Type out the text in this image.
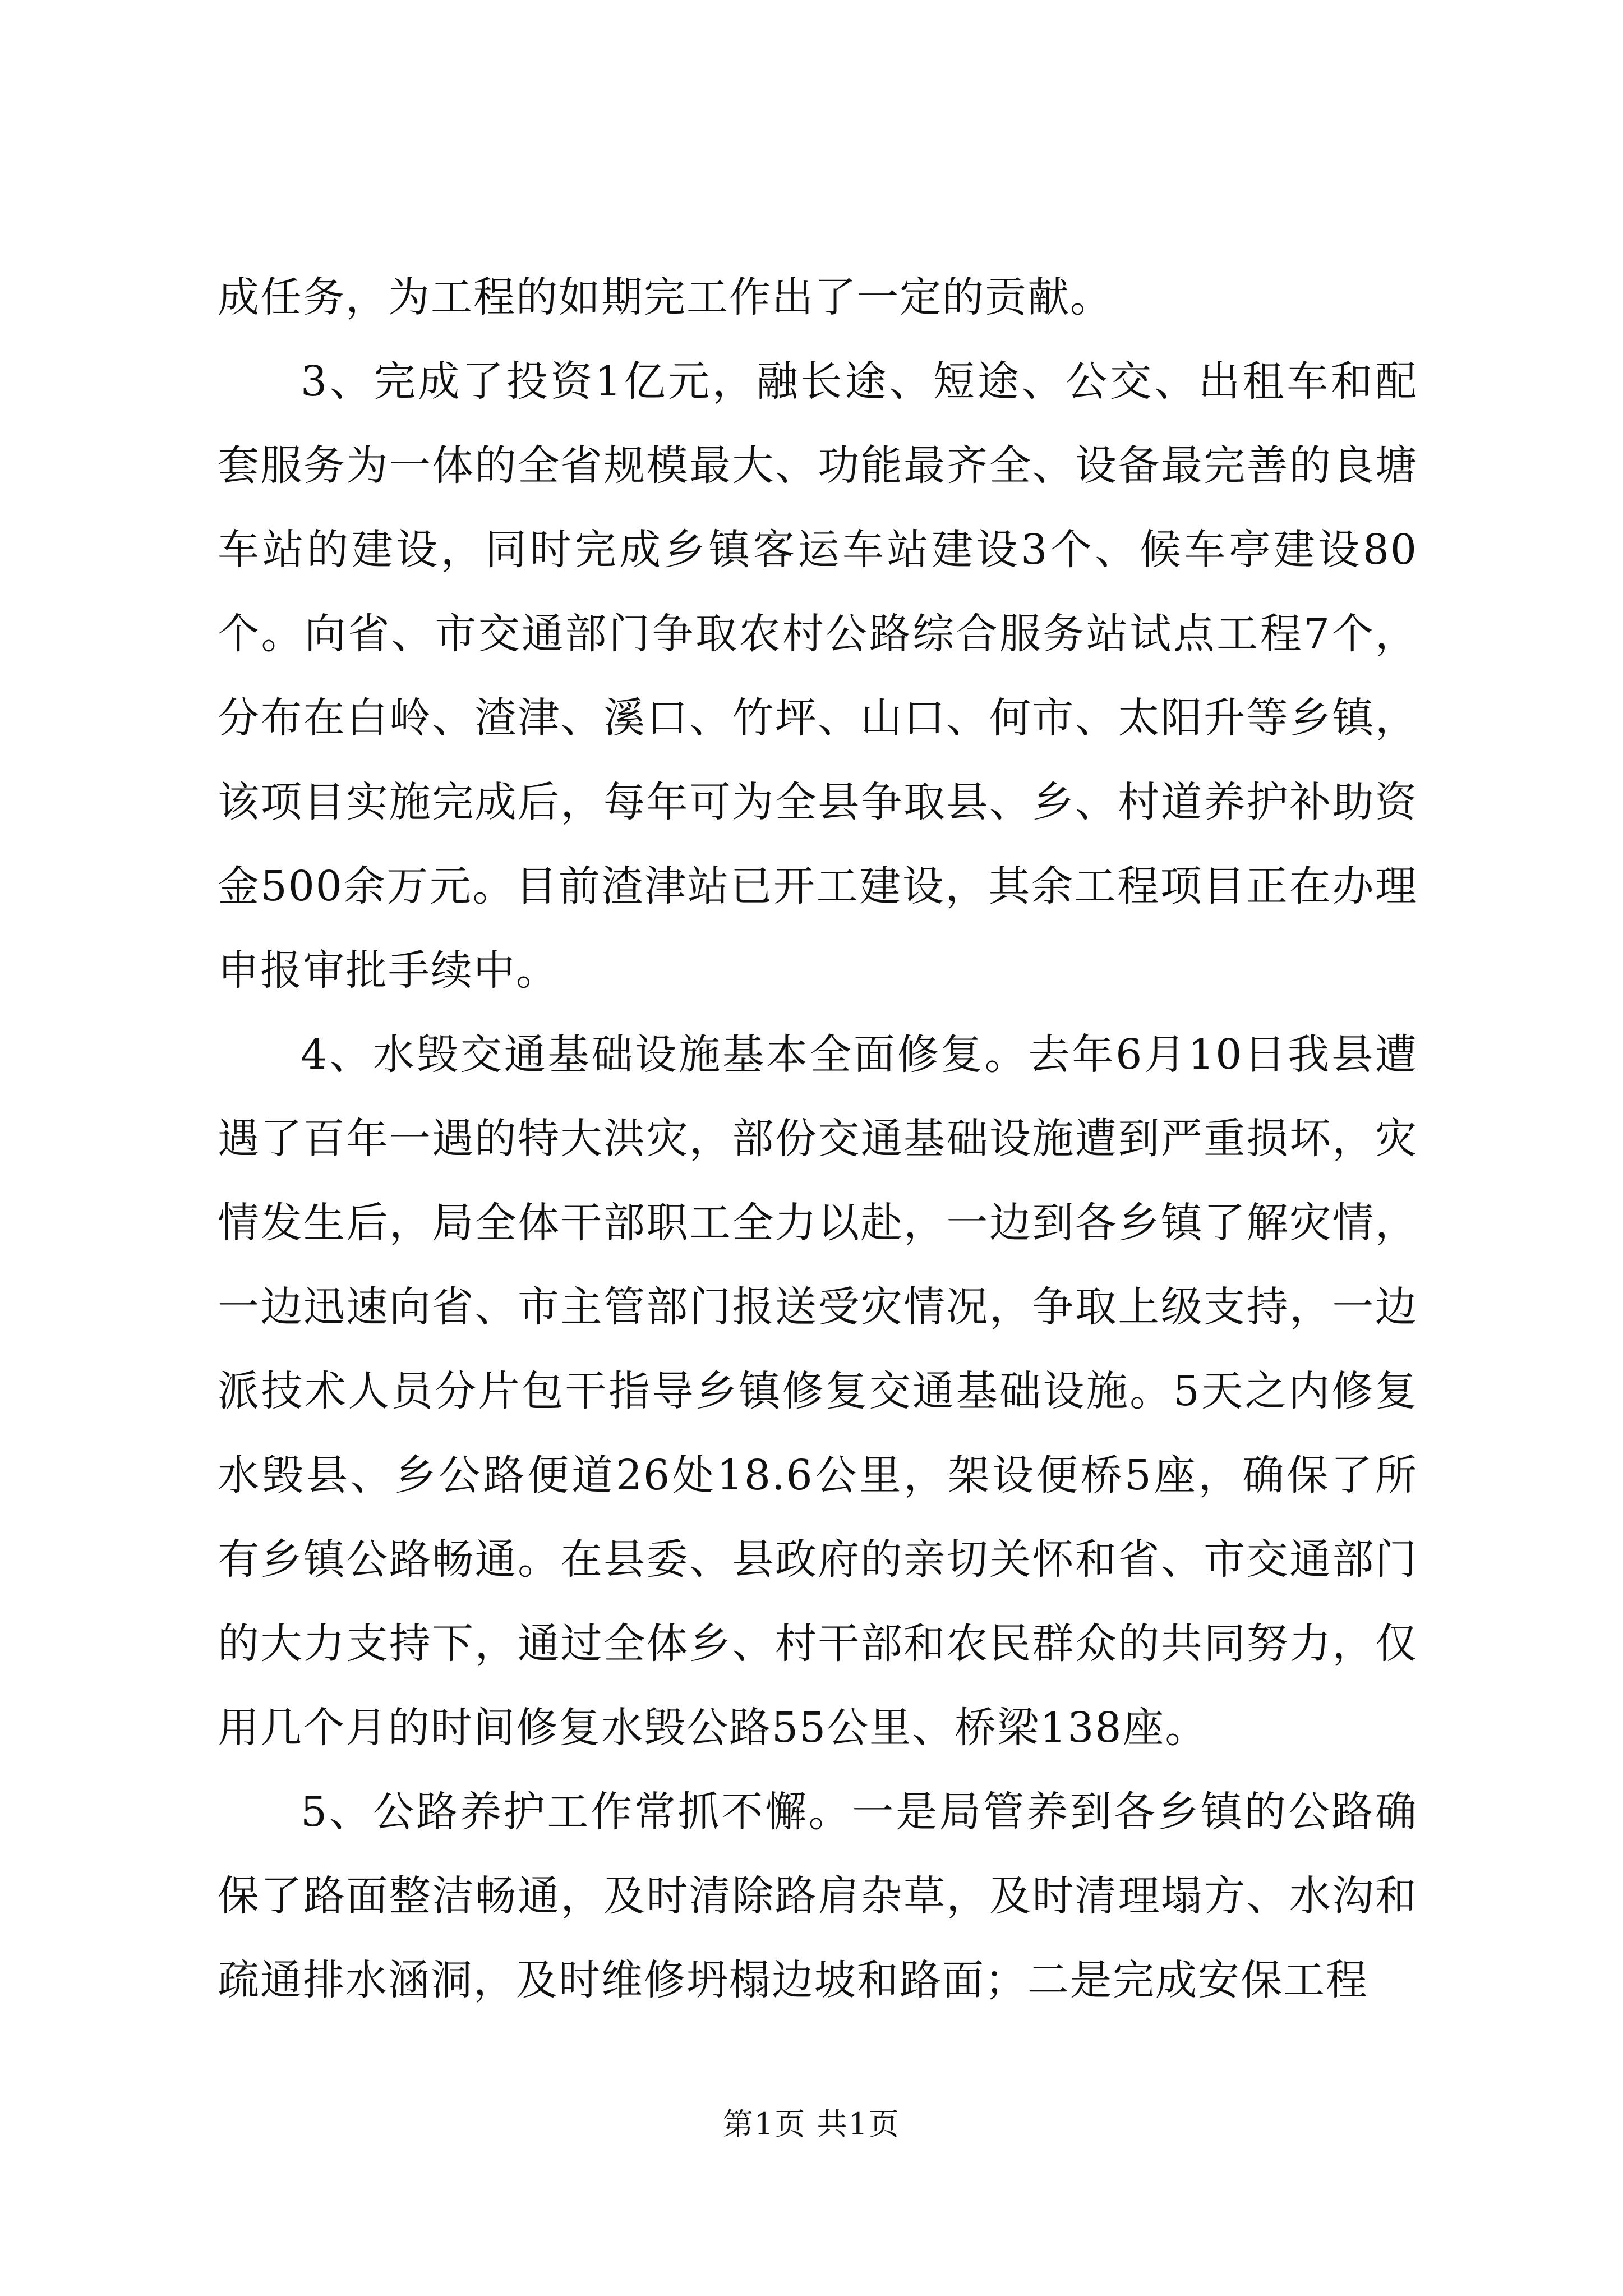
成任务，为工程的如期完工作出了一定的贡献。

3、完成了投资1亿元，融长途、短途、公交、出租车和配套服务为一体的全省规模最大、功能最齐全、设备最完善的良塘车站的建设，同时完成乡镇客运车站建设3个、候车亭建设80个。向省、市交通部门争取农村公路综合服务站试点工程7个，分布在白岭、渣津、溪口、竹坪、山口、何市、太阳升等乡镇，该项目实施完成后，每年可为全县争取县、乡、村道养护补助资金500余万元。目前渣津站已开工建设，其余工程项目正在办理申报审批手续中。

4、水毁交通基础设施基本全面修复。去年6月10日我县遭遇了百年一遇的特大洪灾，部份交通基础设施遭到严重损坏，灾情发生后，局全体干部职工全力以赴，一边到各乡镇了解灾情，一边迅速向省、市主管部门报送受灾情况，争取上级支持，一边派技术人员分片包干指导乡镇修复交通基础设施。5天之内修复水毁县、乡公路便道26处18.6公里，架设便桥5座，确保了所有乡镇公路畅通。在县委、县政府的亲切关怀和省、市交通部门的大力支持下，通过全体乡、村干部和农民群众的共同努力，仅用几个月的时间修复水毁公路55公里、桥梁138座。

5、公路养护工作常抓不懈。一是局管养到各乡镇的公路确保了路面整洁畅通，及时清除路肩杂草，及时清理塌方、水沟和疏通排水涵洞，及时维修坍榻边坡和路面；二是完成安保工程

第1页 共1页
